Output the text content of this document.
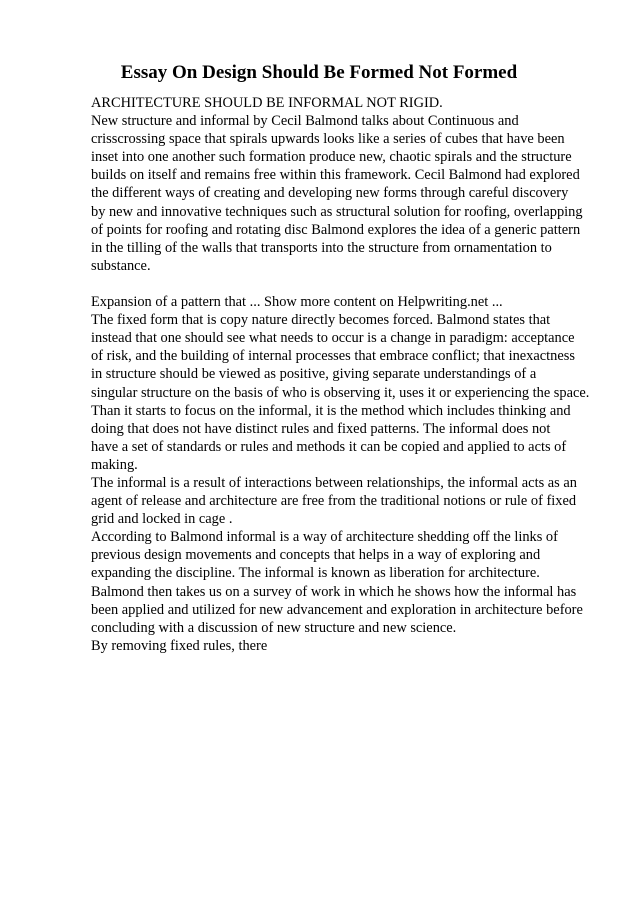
Essay On Design Should Be Formed Not Formed
ARCHITECTURE SHOULD BE INFORMAL NOT RIGID.
New structure and informal by Cecil Balmond talks about Continuous and
crisscrossing space that spirals upwards looks like a series of cubes that have been
inset into one another such formation produce new, chaotic spirals and the structure
builds on itself and remains free within this framework. Cecil Balmond had explored
the different ways of creating and developing new forms through careful discovery
by new and innovative techniques such as structural solution for roofing, overlapping
of points for roofing and rotating disc Balmond explores the idea of a generic pattern
in the tilling of the walls that transports into the structure from ornamentation to
substance.
Expansion of a pattern that ... Show more content on Helpwriting.net ...
The fixed form that is copy nature directly becomes forced. Balmond states that
instead that one should see what needs to occur is a change in paradigm: acceptance
of risk, and the building of internal processes that embrace conflict; that inexactness
in structure should be viewed as positive, giving separate understandings of a
singular structure on the basis of who is observing it, uses it or experiencing the space.
Than it starts to focus on the informal, it is the method which includes thinking and
doing that does not have distinct rules and fixed patterns. The informal does not
have a set of standards or rules and methods it can be copied and applied to acts of
making.
The informal is a result of interactions between relationships, the informal acts as an
agent of release and architecture are free from the traditional notions or rule of fixed
grid and locked in cage .
According to Balmond informal is a way of architecture shedding off the links of
previous design movements and concepts that helps in a way of exploring and
expanding the discipline. The informal is known as liberation for architecture.
Balmond then takes us on a survey of work in which he shows how the informal has
been applied and utilized for new advancement and exploration in architecture before
concluding with a discussion of new structure and new science.
By removing fixed rules, there
